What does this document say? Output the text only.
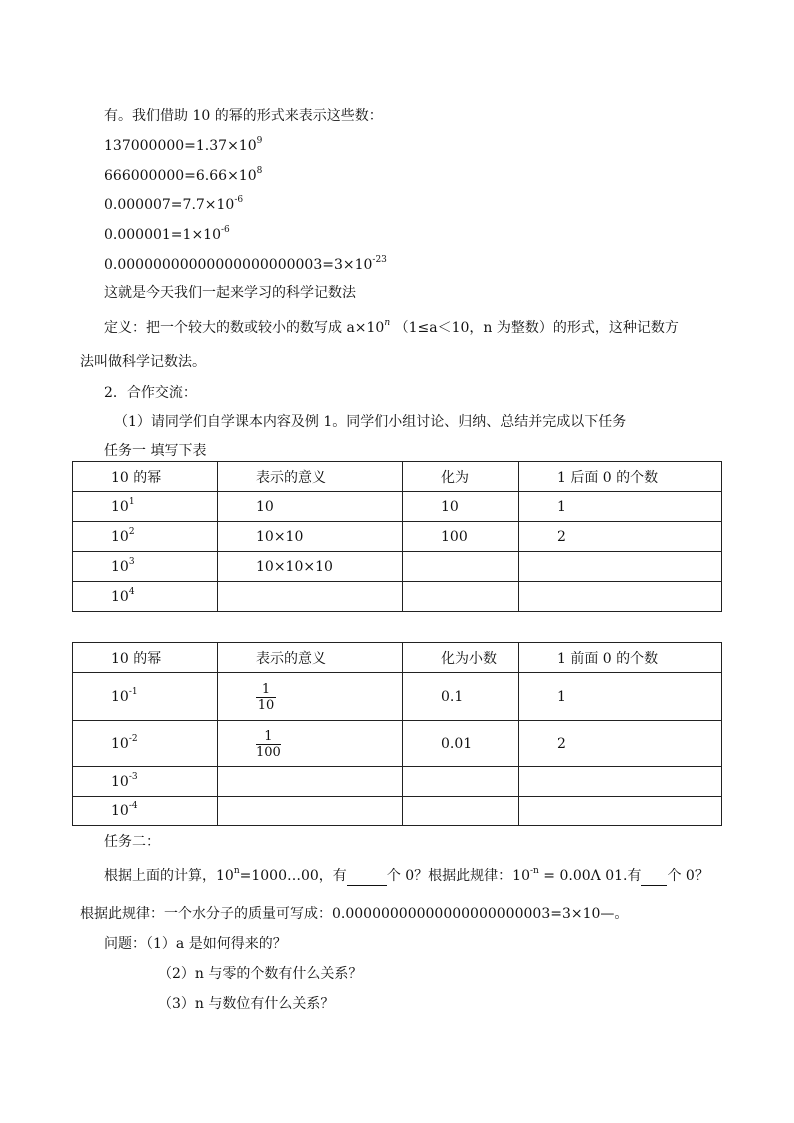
有。我们借助 10 的幂的形式来表示这些数：
$137000000=1.37\times 10^9$
$666000000=6.66\times 10^8$
$0.000007=7.7\times 10^{-6}$
$0.000001=1\times 10^{-6}$
$0.00000000000000000000003=3\times 10^{-23}$
这就是今天我们一起来学习的科学记数法
定义：把一个较大的数或较小的数写成 $a\times 10^n$ （1≤a＜10，n 为整数）的形式，这种记数方
法叫做科学记数法。
2．合作交流：
（1）请同学们自学课本内容及例 1。同学们小组讨论、归纳、总结并完成以下任务
任务一 填写下表
10 的幂	表示的意义	化为	1 后面 0 的个数
$10^1$	10	10	1
$10^2$	10×10	100	2
$10^3$	10×10×10		
$10^4$			
10 的幂	表示的意义	化为小数	1 前面 0 的个数
$10^{-1}$	$\frac{1}{10}$	0.1	1
$10^{-2}$	$\frac{1}{100}$	0.01	2
$10^{-3}$			
$10^{-4}$			
任务二：
根据上面的计算，$10^n=1000\dots 00$，有	个 0？根据此规律：$10^{-n} = 0.00\Lambda$ 01.有 个 0？
根据此规律：一个水分子的质量可写成：0.00000000000000000000003=3×10—。
问题：（1）a 是如何得来的？
（2）n 与零的个数有什么关系？
（3）n 与数位有什么关系？
